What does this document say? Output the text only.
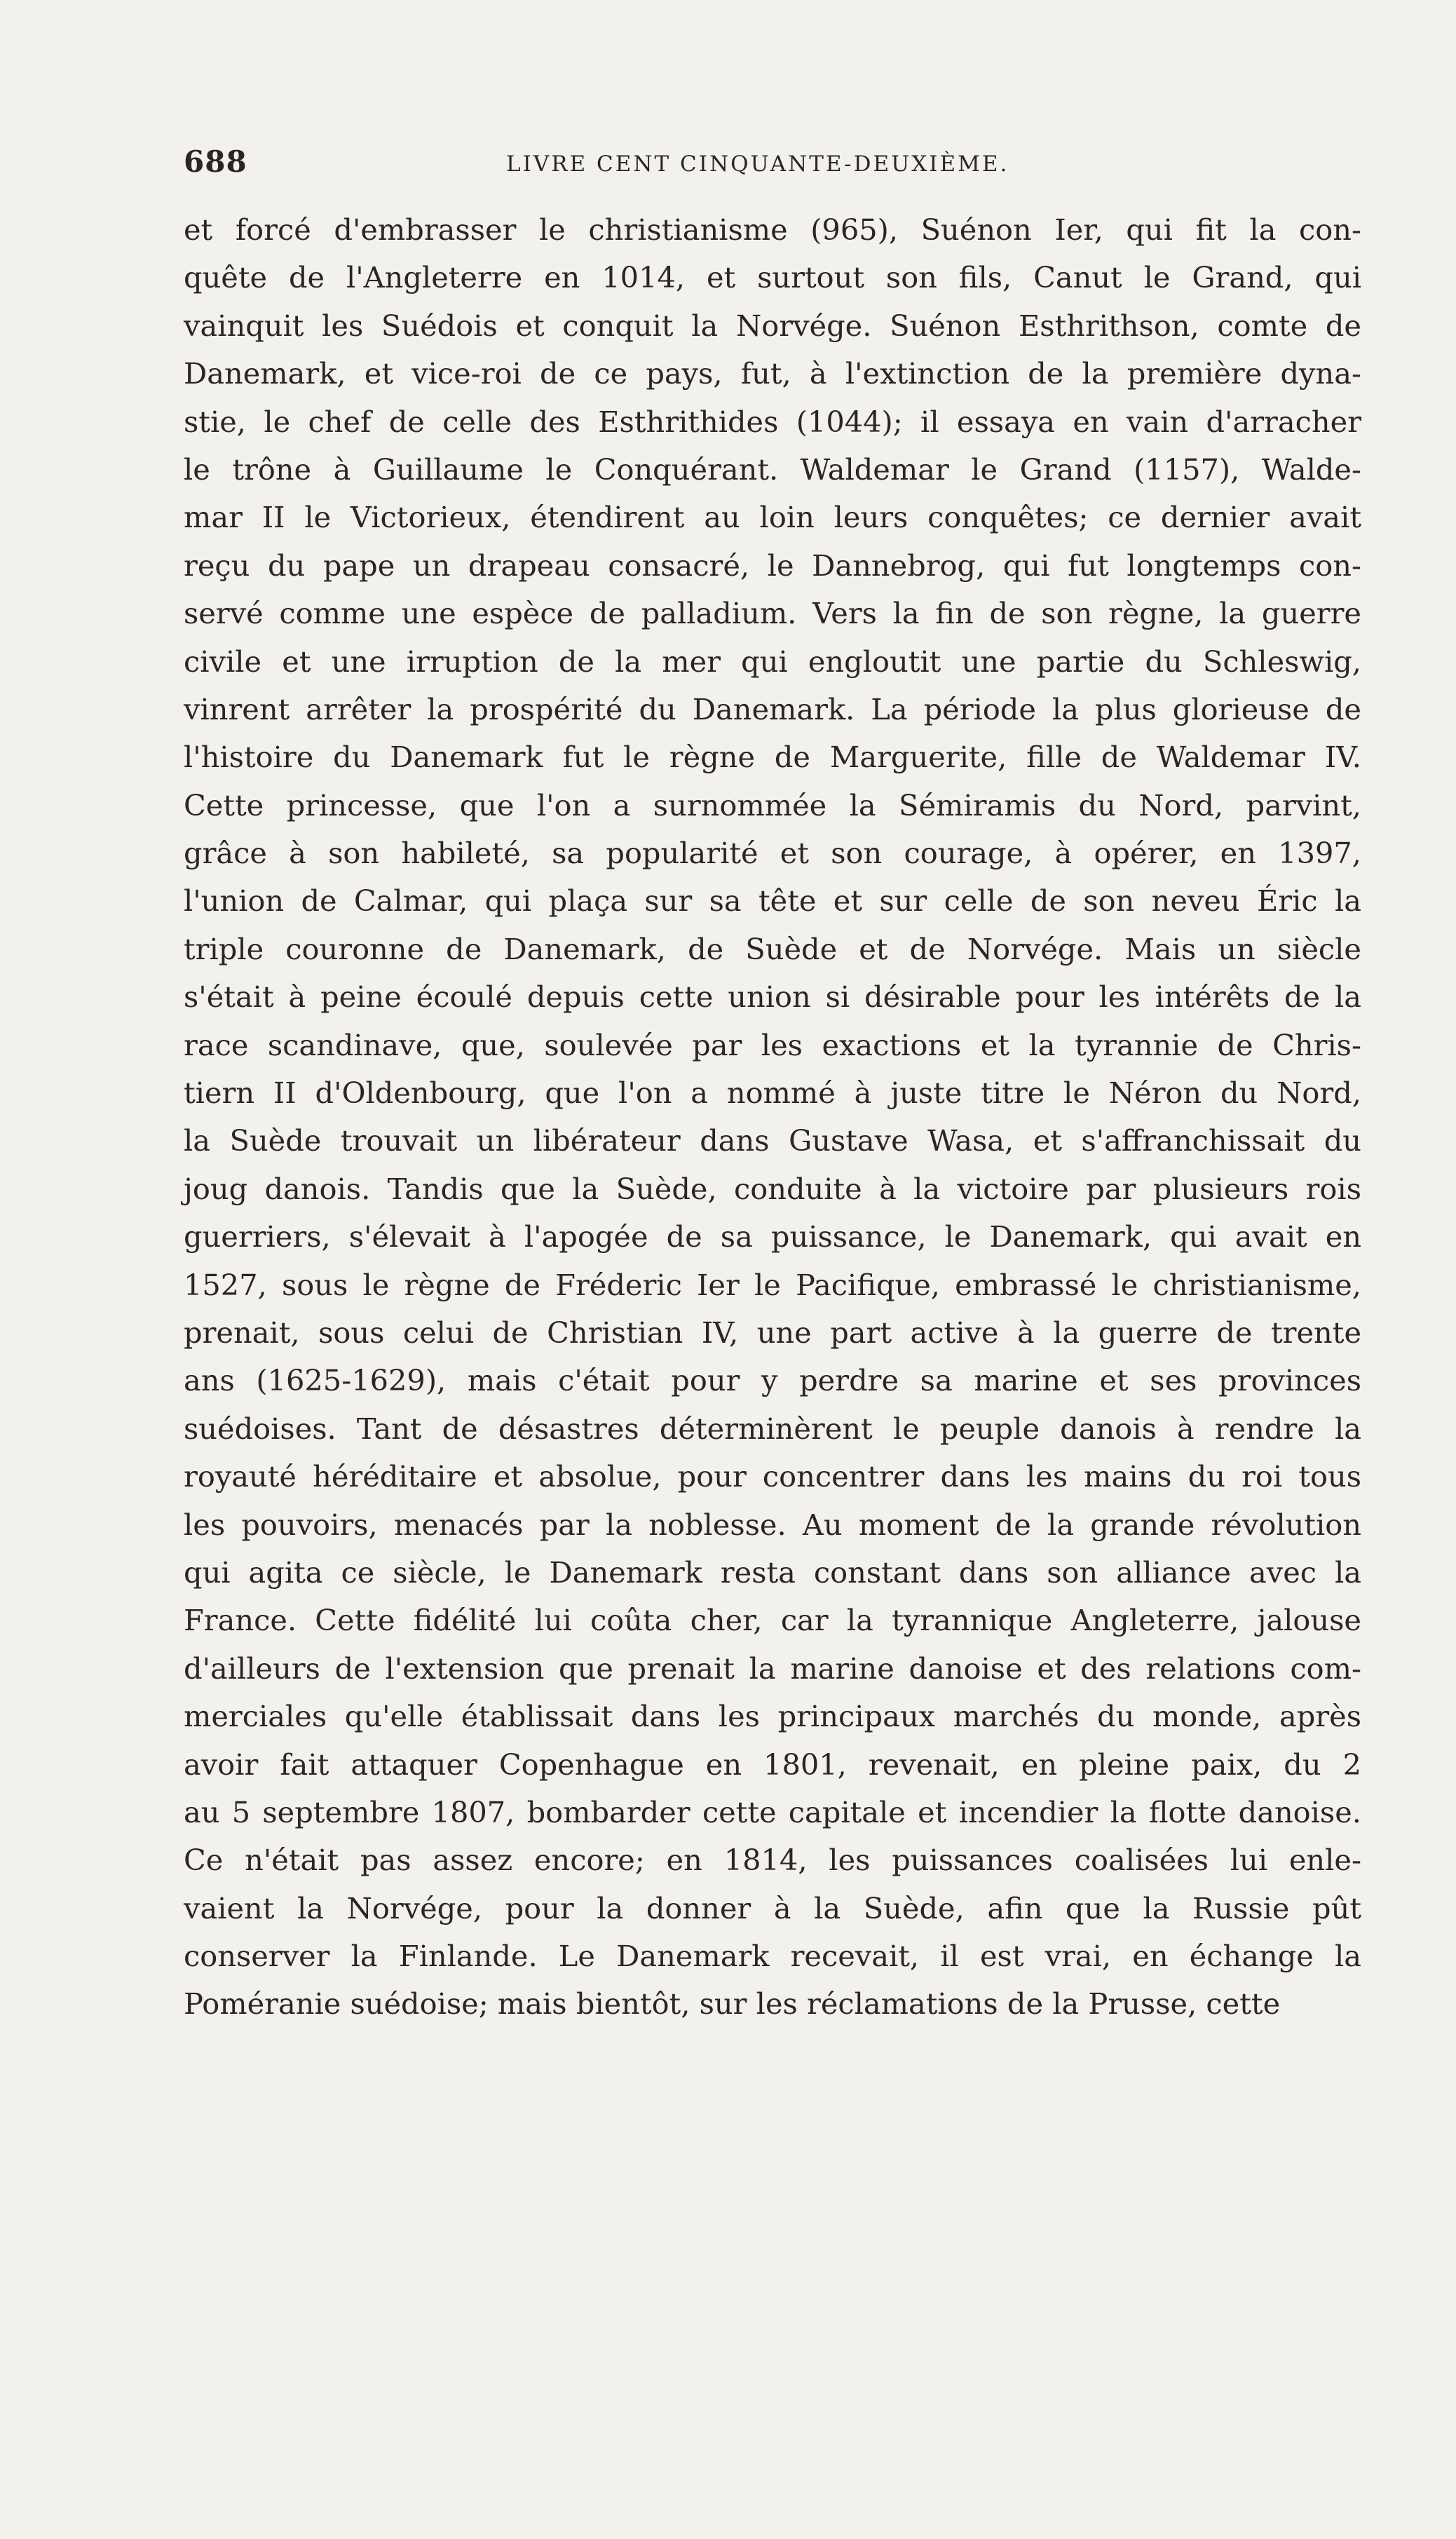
688	LIVRE CENT CINQUANTE-DEUXIÈME.
et forcé d'embrasser le christianisme (965), Suénon Ier, qui fit la con-
quête de l'Angleterre en 1014, et surtout son fils, Canut le Grand, qui
vainquit les Suédois et conquit la Norvége. Suénon Esthrithson, comte de
Danemark, et vice-roi de ce pays, fut, à l'extinction de la première dyna-
stie, le chef de celle des Esthrithides (1044); il essaya en vain d'arracher
le trône à Guillaume le Conquérant. Waldemar le Grand (1157), Walde-
mar II le Victorieux, étendirent au loin leurs conquêtes; ce dernier avait
reçu du pape un drapeau consacré, le Dannebrog, qui fut longtemps con-
servé comme une espèce de palladium. Vers la fin de son règne, la guerre
civile et une irruption de la mer qui engloutit une partie du Schleswig,
vinrent arrêter la prospérité du Danemark. La période la plus glorieuse de
l'histoire du Danemark fut le règne de Marguerite, fille de Waldemar IV.
Cette princesse, que l'on a surnommée la Sémiramis du Nord, parvint,
grâce à son habileté, sa popularité et son courage, à opérer, en 1397,
l'union de Calmar, qui plaça sur sa tête et sur celle de son neveu Éric la
triple couronne de Danemark, de Suède et de Norvége. Mais un siècle
s'était à peine écoulé depuis cette union si désirable pour les intérêts de la
race scandinave, que, soulevée par les exactions et la tyrannie de Chris-
tiern II d'Oldenbourg, que l'on a nommé à juste titre le Néron du Nord,
la Suède trouvait un libérateur dans Gustave Wasa, et s'affranchissait du
joug danois. Tandis que la Suède, conduite à la victoire par plusieurs rois
guerriers, s'élevait à l'apogée de sa puissance, le Danemark, qui avait en
1527, sous le règne de Fréderic Ier le Pacifique, embrassé le christianisme,
prenait, sous celui de Christian IV, une part active à la guerre de trente
ans (1625-1629), mais c'était pour y perdre sa marine et ses provinces
suédoises. Tant de désastres déterminèrent le peuple danois à rendre la
royauté héréditaire et absolue, pour concentrer dans les mains du roi tous
les pouvoirs, menacés par la noblesse. Au moment de la grande révolution
qui agita ce siècle, le Danemark resta constant dans son alliance avec la
France. Cette fidélité lui coûta cher, car la tyrannique Angleterre, jalouse
d'ailleurs de l'extension que prenait la marine danoise et des relations com-
merciales qu'elle établissait dans les principaux marchés du monde, après
avoir fait attaquer Copenhague en 1801, revenait, en pleine paix, du 2
au 5 septembre 1807, bombarder cette capitale et incendier la flotte danoise.
Ce n'était pas assez encore; en 1814, les puissances coalisées lui enle-
vaient la Norvége, pour la donner à la Suède, afin que la Russie pût
conserver la Finlande. Le Danemark recevait, il est vrai, en échange la
Poméranie suédoise; mais bientôt, sur les réclamations de la Prusse, cette
